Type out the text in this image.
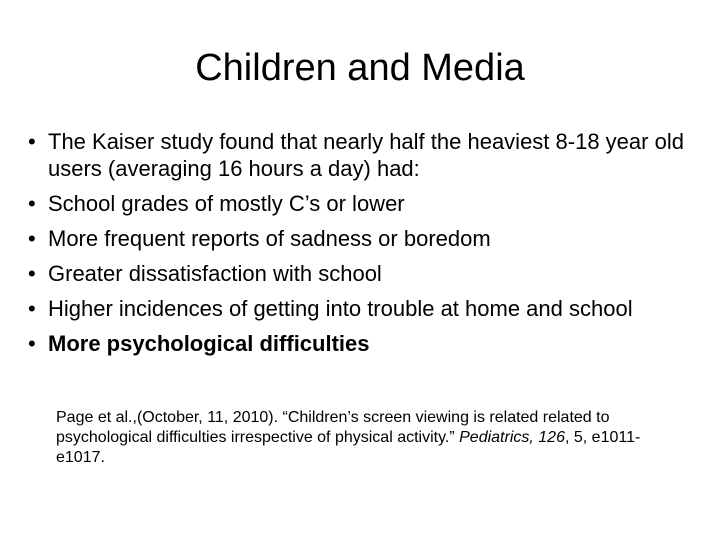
Children and Media
• The Kaiser study found that nearly half the heaviest 8-18 year old users (averaging 16 hours a day) had:
• School grades of mostly C’s or lower
• More frequent reports of sadness or boredom
• Greater dissatisfaction with school
• Higher incidences of getting into trouble at home and school
• More psychological difficulties
Page et al.,(October, 11, 2010). “Children’s screen viewing is related related to psychological difficulties irrespective of physical activity.” Pediatrics, 126, 5, e1011-e1017.
